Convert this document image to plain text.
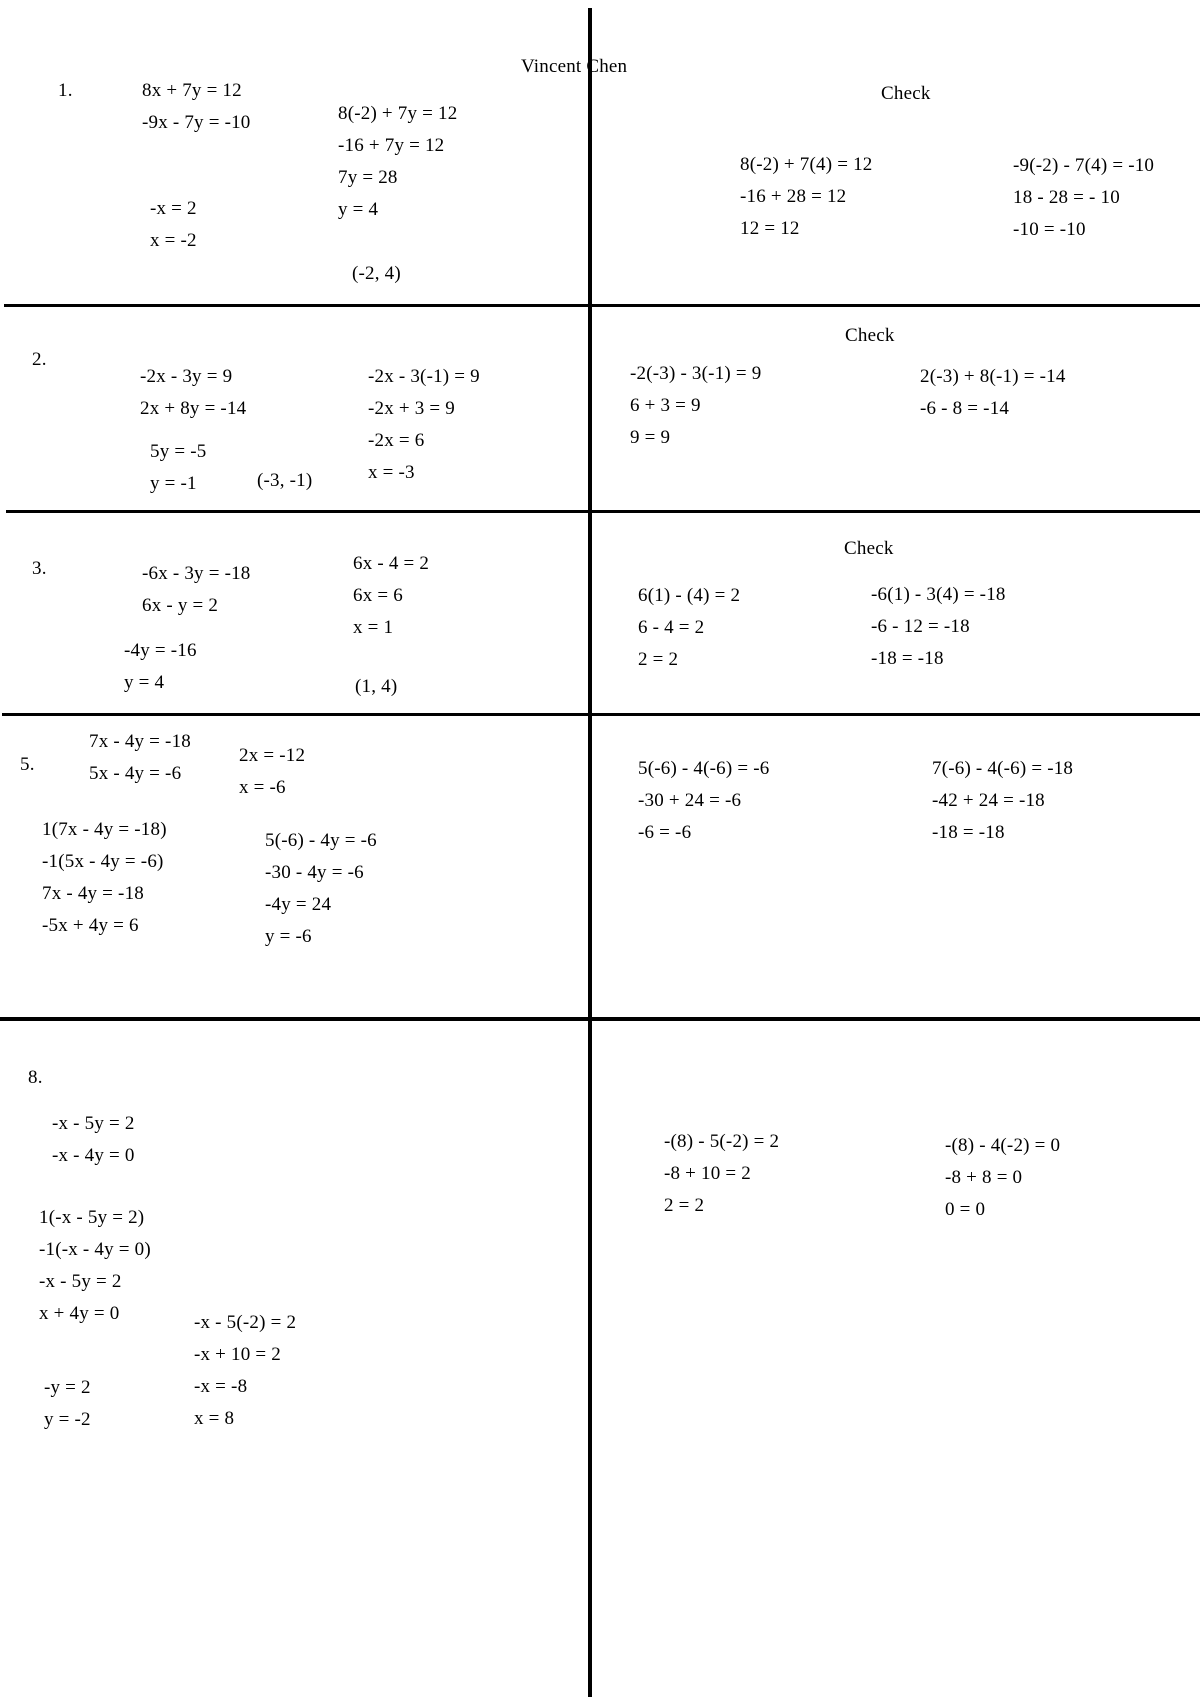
Vincent Chen
1.	8x + 7y = 12
-9x - 7y = -10
-x = 2
x = -2
8(-2) + 7y = 12
-16 + 7y = 12
7y = 28
y = 4
(-2, 4)
Check
8(-2) + 7(4) = 12
-16 + 28 = 12
12 = 12
-9(-2) - 7(4) = -10
18 - 28 = - 10
-10 = -10
2.
-2x - 3y = 9
2x + 8y = -14
5y = -5
y = -1	(-3, -1)
-2x - 3(-1) = 9
-2x + 3 = 9
-2x = 6
x = -3
Check
-2(-3) - 3(-1) = 9
6 + 3 = 9
9 = 9
2(-3) + 8(-1) = -14
-6 - 8 = -14
3.	-6x - 3y = -18
6x - y = 2
-4y = -16
y = 4
6x - 4 = 2
6x = 6
x = 1
(1, 4)
Check
6(1) - (4) = 2
6 - 4 = 2
2 = 2
-6(1) - 3(4) = -18
-6 - 12 = -18
-18 = -18
5.
7x - 4y = -18
5x - 4y = -6
2x = -12
x = -6
1(7x - 4y = -18)
-1(5x - 4y = -6)
7x - 4y = -18
-5x + 4y = 6
5(-6) - 4y = -6
-30 - 4y = -6
-4y = 24
y = -6
5(-6) - 4(-6) = -6
-30 + 24 = -6
-6 = -6
7(-6) - 4(-6) = -18
-42 + 24 = -18
-18 = -18
8.
-x - 5y = 2
-x - 4y = 0
1(-x - 5y = 2)
-1(-x - 4y = 0)
-x - 5y = 2
x + 4y = 0	-x - 5(-2) = 2
-x + 10 = 2
-x = -8
x = 8
-y = 2
y = -2
-(8) - 5(-2) = 2
-8 + 10 = 2
2 = 2
-(8) - 4(-2) = 0
-8 + 8 = 0
0 = 0
